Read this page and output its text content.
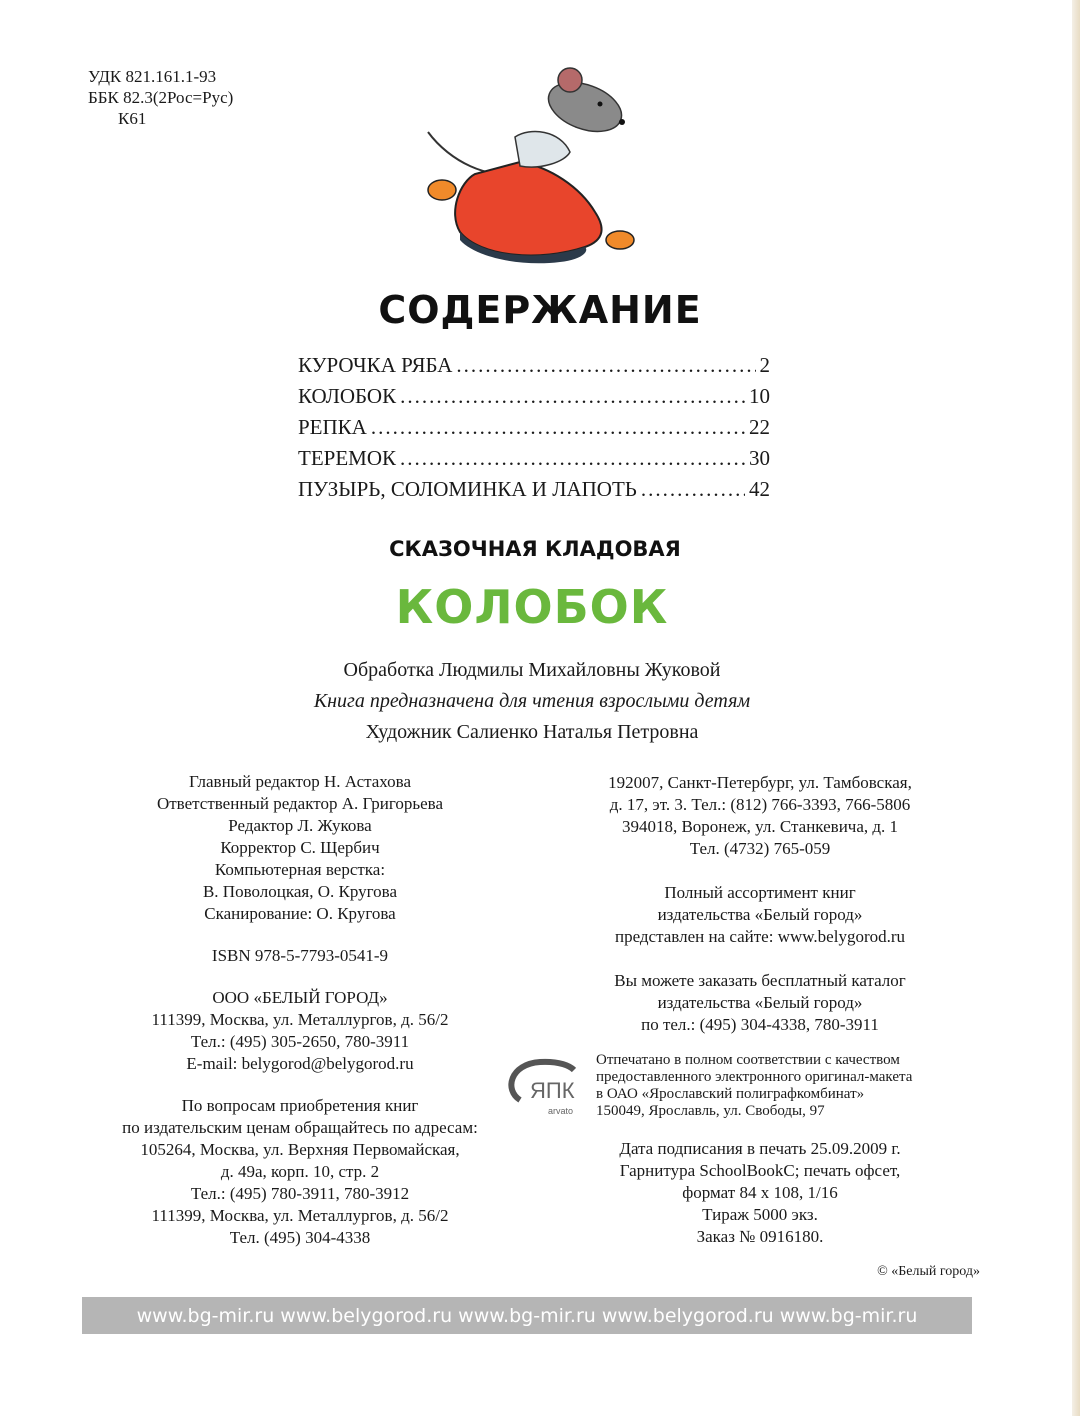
УДК 821.161.1-93
ББК 82.3(2Рос=Рус)
К61
СОДЕРЖАНИЕ
КУРОЧКА РЯБА .....	2
КОЛОБОК .....	10
РЕПКА .....	22
ТЕРЕМОК .....	30
ПУЗЫРЬ, СОЛОМИНКА И ЛАПОТЬ .....	42
СКАЗОЧНАЯ КЛАДОВАЯ
КОЛОБОК
Обработка Людмилы Михайловны Жуковой
Книга предназначена для чтения взрослыми детям
Художник Салиенко Наталья Петровна
Главный редактор Н. Астахова
Ответственный редактор А. Григорьева
Редактор Л. Жукова
Корректор С. Щербич
Компьютерная верстка:
В. Поволоцкая, О. Кругова
Сканирование: О. Кругова
ISBN 978-5-7793-0541-9
ООО «БЕЛЫЙ ГОРОД»
111399, Москва, ул. Металлургов, д. 56/2
Тел.: (495) 305-2650, 780-3911
E-mail: belygorod@belygorod.ru
По вопросам приобретения книг
по издательским ценам обращайтесь по адресам:
105264, Москва, ул. Верхняя Первомайская,
д. 49а, корп. 10, стр. 2
Тел.: (495) 780-3911, 780-3912
111399, Москва, ул. Металлургов, д. 56/2
Тел. (495) 304-4338
192007, Санкт-Петербург, ул. Тамбовская,
д. 17, эт. 3. Тел.: (812) 766-3393, 766-5806
394018, Воронеж, ул. Станкевича, д. 1
Тел. (4732) 765-059
Полный ассортимент книг
издательства «Белый город»
представлен на сайте: www.belygorod.ru
Вы можете заказать бесплатный каталог
издательства «Белый город»
по тел.: (495) 304-4338, 780-3911
ЯПК
arvato
Отпечатано в полном соответствии с качеством
предоставленного электронного оригинал-макета
в ОАО «Ярославский полиграфкомбинат»
150049, Ярославль, ул. Свободы, 97
Дата подписания в печать 25.09.2009 г.
Гарнитура SchoolBookC; печать офсет,
формат 84 х 108, 1/16
Тираж 5000 экз.
Заказ № 0916180.
© «Белый город»
www.bg-mir.ru www.belygorod.ru www.bg-mir.ru www.belygorod.ru www.bg-mir.ru
